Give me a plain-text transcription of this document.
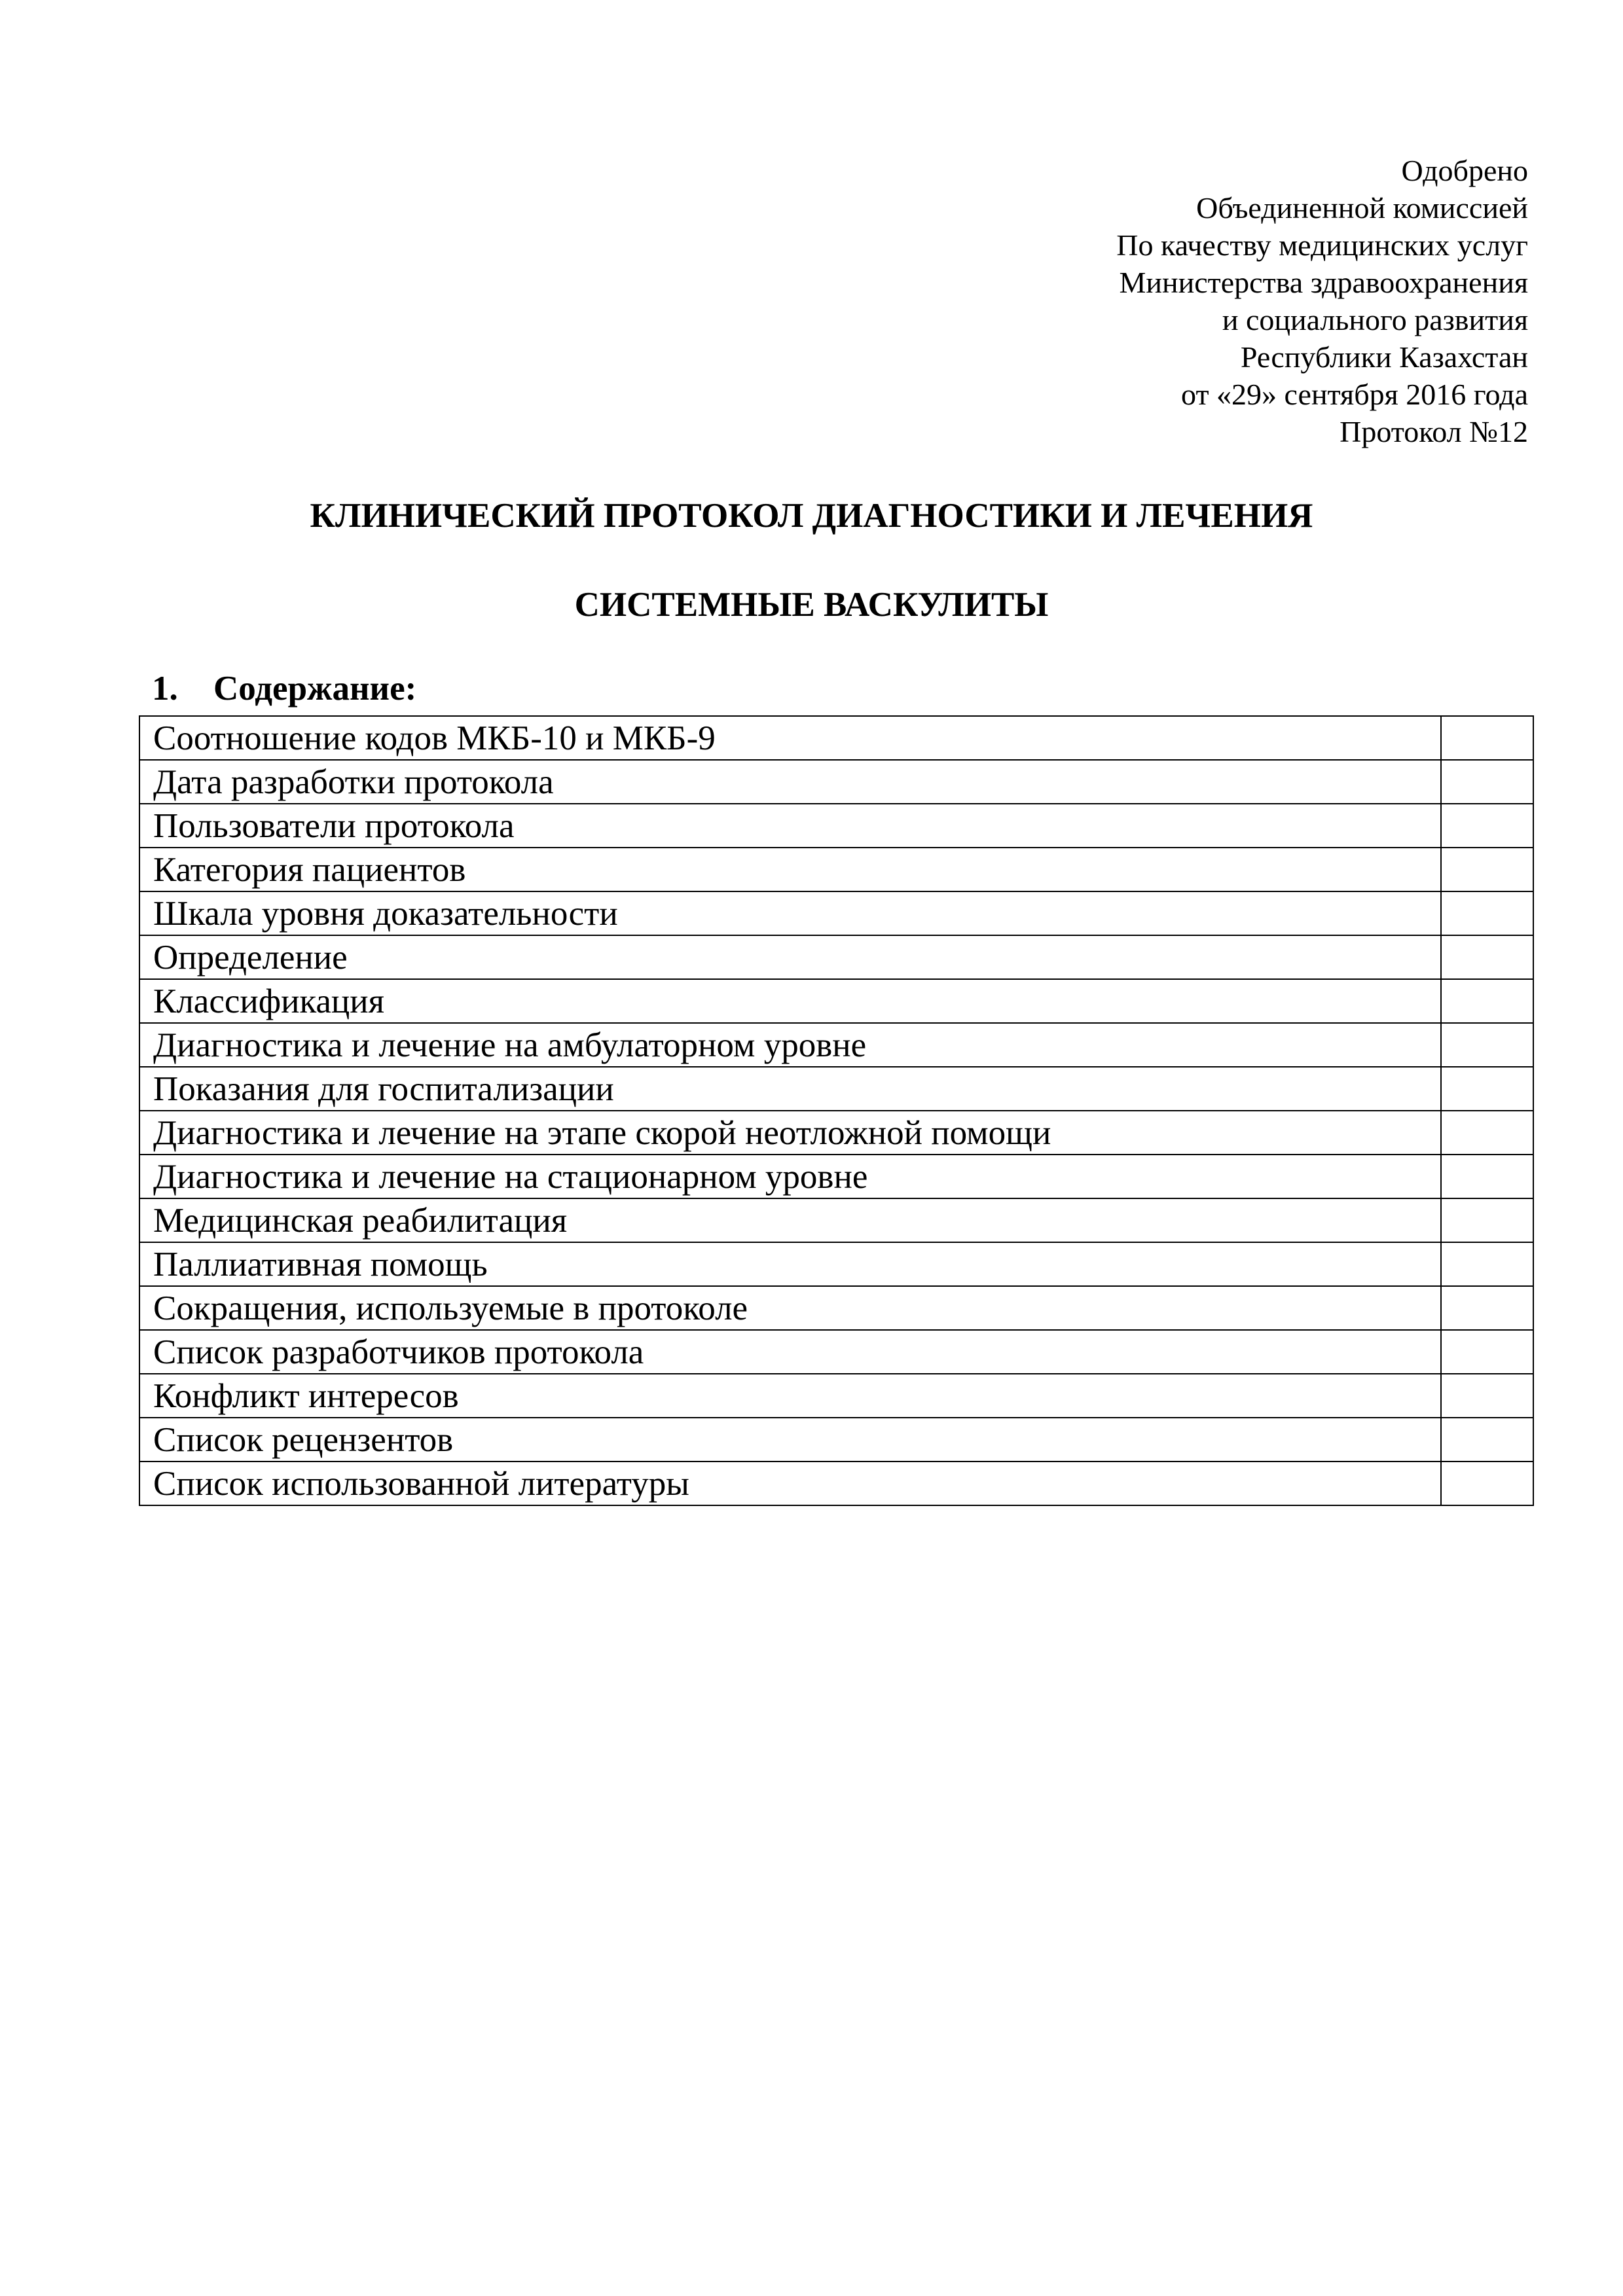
Одобрено
Объединенной комиссией
По качеству медицинских услуг
Министерства здравоохранения
и социального развития
Республики Казахстан
от «29» сентября 2016 года
Протокол №12
КЛИНИЧЕСКИЙ ПРОТОКОЛ ДИАГНОСТИКИ И ЛЕЧЕНИЯ
СИСТЕМНЫЕ ВАСКУЛИТЫ
1. Содержание:
Соотношение кодов МКБ-10 и МКБ-9	
Дата разработки протокола	
Пользователи протокола	
Категория пациентов	
Шкала уровня доказательности	
Определение	
Классификация	
Диагностика и лечение на амбулаторном уровне	
Показания для госпитализации	
Диагностика и лечение на этапе скорой неотложной помощи	
Диагностика и лечение на стационарном уровне	
Медицинская реабилитация	
Паллиативная помощь	
Сокращения, используемые в протоколе	
Список разработчиков протокола	
Конфликт интересов	
Список рецензентов	
Список использованной литературы	
